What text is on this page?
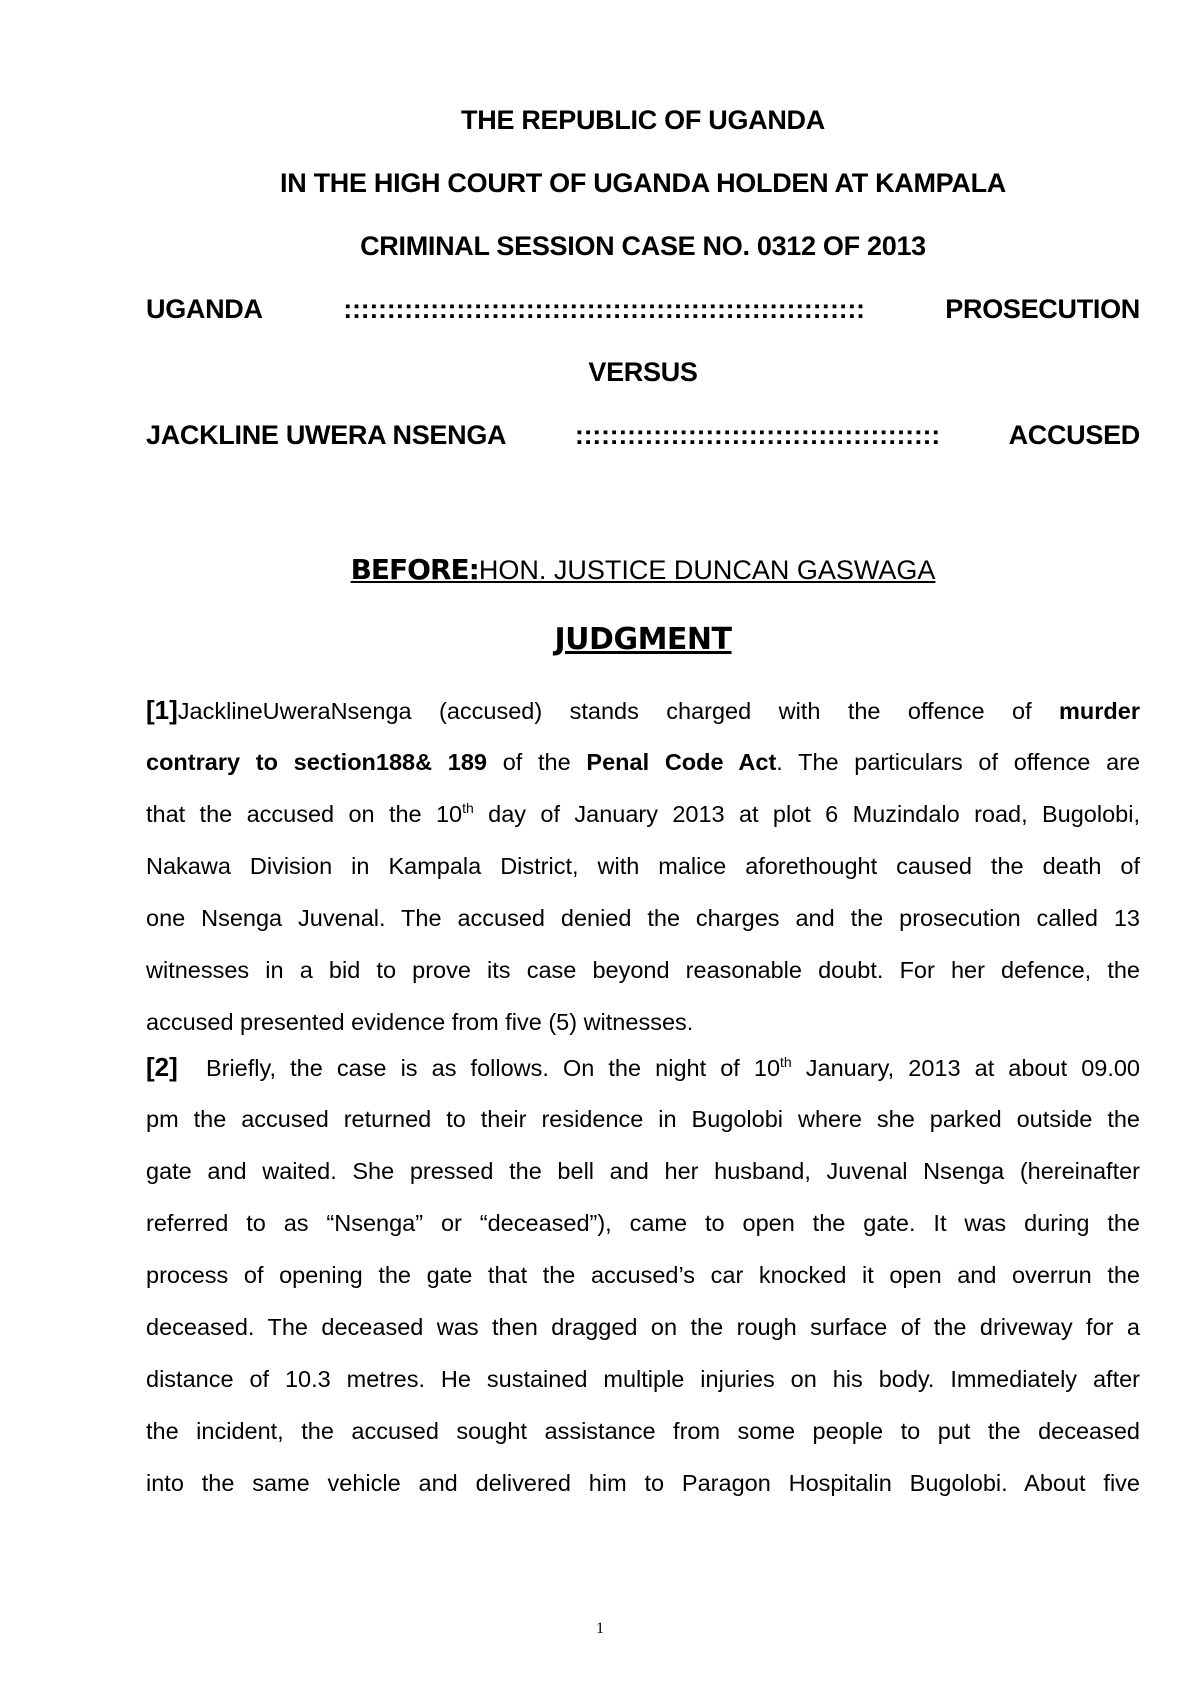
THE REPUBLIC OF UGANDA
IN THE HIGH COURT OF UGANDA HOLDEN AT KAMPALA
CRIMINAL SESSION CASE NO. 0312 OF 2013
UGANDA	::::::::::::::::::::::::::::::::::::::::::::::::::::::::::::	PROSECUTION
VERSUS
JACKLINE UWERA NSENGA	::::::::::::::::::::::::::::::::::::::::::	ACCUSED
BEFORE:HON. JUSTICE DUNCAN GASWAGA
JUDGMENT
[1]JacklineUweraNsenga (accused) stands charged with the offence of murder
contrary to section188& 189 of the Penal Code Act. The particulars of offence are
that the accused on the 10th day of January 2013 at plot 6 Muzindalo road, Bugolobi,
Nakawa Division in Kampala District, with malice aforethought caused the death of
one Nsenga Juvenal. The accused denied the charges and the prosecution called 13
witnesses in a bid to prove its case beyond reasonable doubt. For her defence, the
accused presented evidence from five (5) witnesses.
[2] Briefly, the case is as follows. On the night of 10th January, 2013 at about 09.00
pm the accused returned to their residence in Bugolobi where she parked outside the
gate and waited. She pressed the bell and her husband, Juvenal Nsenga (hereinafter
referred to as “Nsenga” or “deceased”), came to open the gate. It was during the
process of opening the gate that the accused’s car knocked it open and overrun the
deceased. The deceased was then dragged on the rough surface of the driveway for a
distance of 10.3 metres. He sustained multiple injuries on his body. Immediately after
the incident, the accused sought assistance from some people to put the deceased
into the same vehicle and delivered him to Paragon Hospitalin Bugolobi. About five
1
